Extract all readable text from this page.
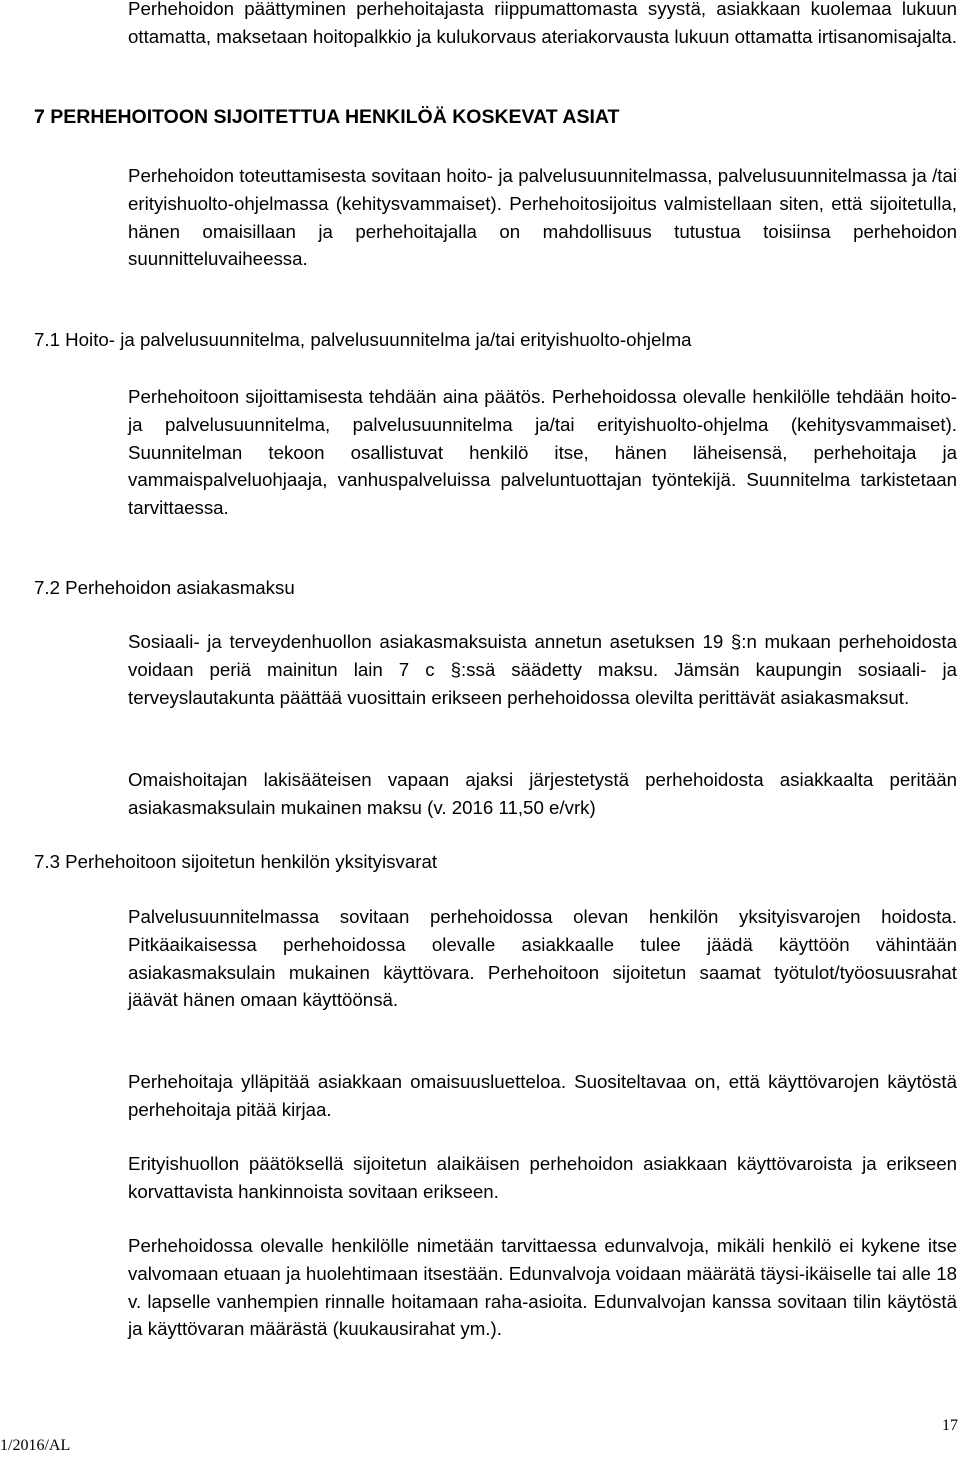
Perhehoidon päättyminen perhehoitajasta riippumattomasta syystä, asiakkaan kuolemaa lukuun ottamatta, maksetaan hoitopalkkio ja kulukorvaus ateriakorvausta lukuun ottamatta irtisanomisajalta.

7 PERHEHOITOON SIJOITETTUA HENKILÖÄ KOSKEVAT ASIAT

Perhehoidon toteuttamisesta sovitaan hoito- ja palvelusuunnitelmassa, palvelusuunnitelmassa ja /tai erityishuolto-ohjelmassa (kehitysvammaiset). Perhehoitosijoitus valmistellaan siten, että sijoitetulla, hänen omaisillaan ja perhehoitajalla on mahdollisuus tutustua toisiinsa perhehoidon suunnitteluvaiheessa.

7.1 Hoito- ja palvelusuunnitelma, palvelusuunnitelma ja/tai erityishuolto-ohjelma

Perhehoitoon sijoittamisesta tehdään aina päätös. Perhehoidossa olevalle henkilölle tehdään hoito- ja palvelusuunnitelma, palvelusuunnitelma ja/tai erityishuolto-ohjelma (kehitysvammaiset). Suunnitelman tekoon osallistuvat henkilö itse, hänen läheisensä, perhehoitaja ja vammaispalveluohjaaja, vanhuspalveluissa palveluntuottajan työntekijä. Suunnitelma tarkistetaan tarvittaessa.

7.2 Perhehoidon asiakasmaksu

Sosiaali- ja terveydenhuollon asiakasmaksuista annetun asetuksen 19 §:n mukaan perhehoidosta voidaan periä mainitun lain 7 c §:ssä säädetty maksu. Jämsän kaupungin sosiaali- ja terveyslautakunta päättää vuosittain erikseen perhehoidossa olevilta perittävät asiakasmaksut.

Omaishoitajan lakisääteisen vapaan ajaksi järjestetystä perhehoidosta asiakkaalta peritään asiakasmaksulain mukainen maksu (v. 2016 11,50 e/vrk)

7.3 Perhehoitoon sijoitetun henkilön yksityisvarat

Palvelusuunnitelmassa sovitaan perhehoidossa olevan henkilön yksityisvarojen hoidosta. Pitkäaikaisessa perhehoidossa olevalle asiakkaalle tulee jäädä käyttöön vähintään asiakasmaksulain mukainen käyttövara. Perhehoitoon sijoitetun saamat työtulot/työosuusrahat jäävät hänen omaan käyttöönsä.

Perhehoitaja ylläpitää asiakkaan omaisuusluetteloa. Suositeltavaa on, että käyttövarojen käytöstä perhehoitaja pitää kirjaa.

Erityishuollon päätöksellä sijoitetun alaikäisen perhehoidon asiakkaan käyttövaroista ja erikseen korvattavista hankinnoista sovitaan erikseen.

Perhehoidossa olevalle henkilölle nimetään tarvittaessa edunvalvoja, mikäli henkilö ei kykene itse valvomaan etuaan ja huolehtimaan itsestään. Edunvalvoja voidaan määrätä täysi-ikäiselle tai alle 18 v. lapselle vanhempien rinnalle hoitamaan raha-asioita. Edunvalvojan kanssa sovitaan tilin käytöstä ja käyttövaran määrästä (kuukausirahat ym.).

1/2016/AL
17
